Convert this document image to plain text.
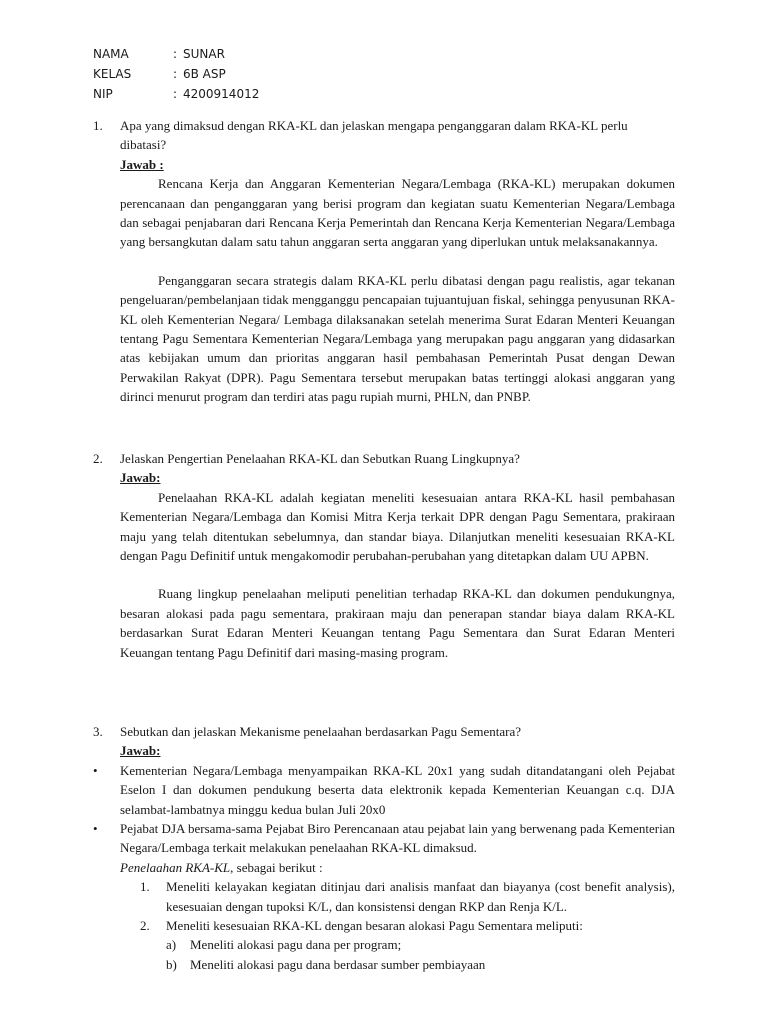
NAMA	: SUNAR
KELAS	: 6B ASP
NIP	: 4200914012
1.	Apa yang dimaksud dengan RKA-KL dan jelaskan mengapa penganggaran dalam RKA-KL perlu dibatasi?
Jawab :

Rencana Kerja dan Anggaran Kementerian Negara/Lembaga (RKA-KL) merupakan dokumen perencanaan dan penganggaran yang berisi program dan kegiatan suatu Kementerian Negara/Lembaga dan sebagai penjabaran dari Rencana Kerja Pemerintah dan Rencana Kerja Kementerian Negara/Lembaga yang bersangkutan dalam satu tahun anggaran serta anggaran yang diperlukan untuk melaksanakannya.

Penganggaran secara strategis dalam RKA-KL perlu dibatasi dengan pagu realistis, agar tekanan pengeluaran/pembelanjaan tidak mengganggu pencapaian tujuantujuan fiskal, sehingga penyusunan RKA-KL oleh Kementerian Negara/ Lembaga dilaksanakan setelah menerima Surat Edaran Menteri Keuangan tentang Pagu Sementara Kementerian Negara/Lembaga yang merupakan pagu anggaran yang didasarkan atas kebijakan umum dan prioritas anggaran hasil pembahasan Pemerintah Pusat dengan Dewan Perwakilan Rakyat (DPR). Pagu Sementara tersebut merupakan batas tertinggi alokasi anggaran yang dirinci menurut program dan terdiri atas pagu rupiah murni, PHLN, dan PNBP.

2.	Jelaskan Pengertian Penelaahan RKA-KL dan Sebutkan Ruang Lingkupnya?
Jawab:

Penelaahan RKA-KL adalah kegiatan meneliti kesesuaian antara RKA-KL hasil pembahasan Kementerian Negara/Lembaga dan Komisi Mitra Kerja terkait DPR dengan Pagu Sementara, prakiraan maju yang telah ditentukan sebelumnya, dan standar biaya. Dilanjutkan meneliti kesesuaian RKA-KL dengan Pagu Definitif untuk mengakomodir perubahan-perubahan yang ditetapkan dalam UU APBN.

Ruang lingkup penelaahan meliputi penelitian terhadap RKA-KL dan dokumen pendukungnya, besaran alokasi pada pagu sementara, prakiraan maju dan penerapan standar biaya dalam RKA-KL berdasarkan Surat Edaran Menteri Keuangan tentang Pagu Sementara dan Surat Edaran Menteri Keuangan tentang Pagu Definitif dari masing-masing program.

3.	Sebutkan dan jelaskan Mekanisme penelaahan berdasarkan Pagu Sementara?
Jawab:
•
Kementerian Negara/Lembaga menyampaikan RKA-KL 20x1 yang sudah ditandatangani oleh Pejabat Eselon I dan dokumen pendukung beserta data elektronik kepada Kementerian Keuangan c.q. DJA selambat-lambatnya minggu kedua bulan Juli 20x0
•
Pejabat DJA bersama-sama Pejabat Biro Perencanaan atau pejabat lain yang berwenang pada Kementerian Negara/Lembaga terkait melakukan penelaahan RKA-KL dimaksud.
Penelaahan RKA-KL, sebagai berikut :
1.	Meneliti kelayakan kegiatan ditinjau dari analisis manfaat dan biayanya (cost benefit analysis), kesesuaian dengan tupoksi K/L, dan konsistensi dengan RKP dan Renja K/L.
2.	Meneliti kesesuaian RKA-KL dengan besaran alokasi Pagu Sementara meliputi:
a)	Meneliti alokasi pagu dana per program;
b)	Meneliti alokasi pagu dana berdasar sumber pembiayaan
